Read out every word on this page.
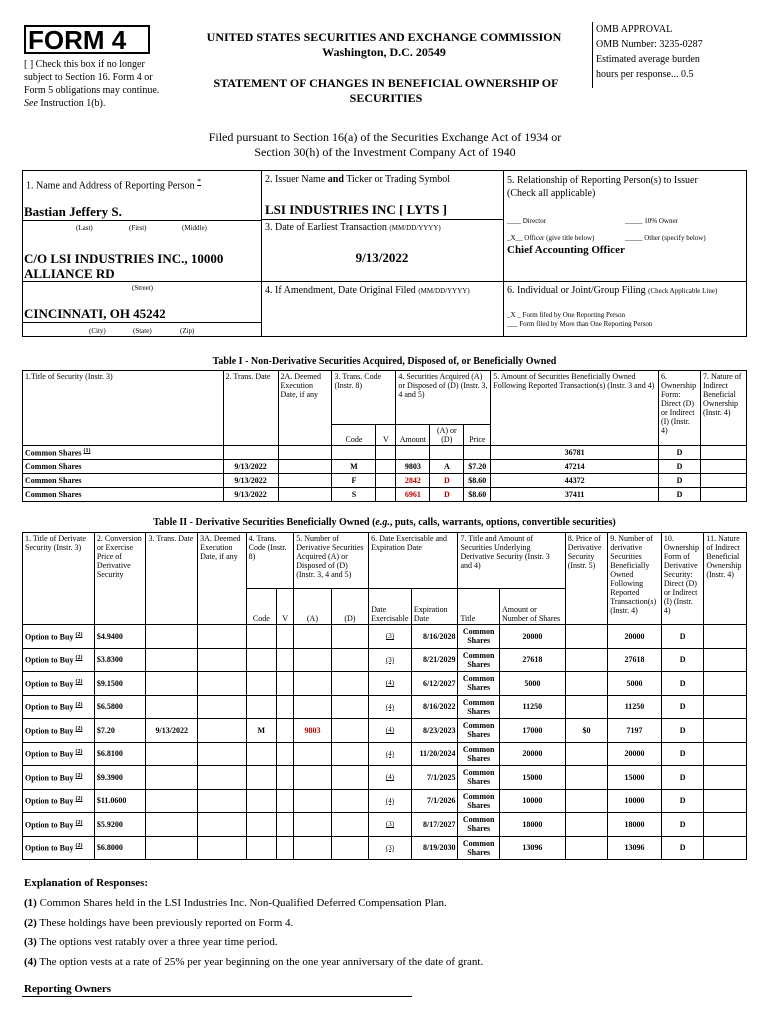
FORM 4
[ ] Check this box if no longer subject to Section 16. Form 4 or Form 5 obligations may continue. See Instruction 1(b).
UNITED STATES SECURITIES AND EXCHANGE COMMISSION
Washington, D.C. 20549
STATEMENT OF CHANGES IN BENEFICIAL OWNERSHIP OF SECURITIES
OMB APPROVAL
OMB Number: 3235-0287
Estimated average burden
hours per response... 0.5
Filed pursuant to Section 16(a) of the Securities Exchange Act of 1934 or
Section 30(h) of the Investment Company Act of 1940
1. Name and Address of Reporting Person *
Bastian Jeffery S.
(Last)	(First)	(Middle)
C/O LSI INDUSTRIES INC., 10000 ALLIANCE RD
(Street)
CINCINNATI, OH 45242
(City)	(State)	(Zip)
2. Issuer Name and Ticker or Trading Symbol
LSI INDUSTRIES INC [ LYTS ]
3. Date of Earliest Transaction (MM/DD/YYYY)
9/13/2022
4. If Amendment, Date Original Filed (MM/DD/YYYY)
5. Relationship of Reporting Person(s) to Issuer
(Check all applicable)
____ Director	_____ 10% Owner
_X__ Officer (give title below)	_____ Other (specify below)
Chief Accounting Officer
6. Individual or Joint/Group Filing (Check Applicable Line)
_X _ Form filed by One Reporting Person
___ Form filed by More than One Reporting Person
Table I - Non-Derivative Securities Acquired, Disposed of, or Beneficially Owned
1.Title of Security (Instr. 3)	2. Trans. Date	2A. Deemed Execution Date, if any	3. Trans. Code (Instr. 8)		4. Securities Acquired (A) or Disposed of (D) (Instr. 3, 4 and 5)			5. Amount of Securities Beneficially Owned Following Reported Transaction(s) (Instr. 3 and 4)	6. Ownership Form: Direct (D) or Indirect (I) (Instr. 4)	7. Nature of Indirect Beneficial Ownership (Instr. 4)
			Code	V	Amount	(A) or (D)	Price			
Common Shares $^{(1)}$								36781	D	
Common Shares	9/13/2022		M		9803	A	$7.20	47214	D	
Common Shares	9/13/2022		F		2842	D	$8.60	44372	D	
Common Shares	9/13/2022		S		6961	D	$8.60	37411	D	
Table II - Derivative Securities Beneficially Owned (e.g., puts, calls, warrants, options, convertible securities)
1. Title of Derivate Security (Instr. 3)	2. Conversion or Exercise Price of Derivative Security	3. Trans. Date	3A. Deemed Execution Date, if any	4. Trans. Code (Instr. 8)		5. Number of Derivative Securities Acquired (A) or Disposed of (D) (Instr. 3, 4 and 5)		6. Date Exercisable and Expiration Date		7. Title and Amount of Securities Underlying Derivative Security (Instr. 3 and 4)		8. Price of Derivative Security (Instr. 5)	9. Number of derivative Securities Beneficially Owned Following Reported Transaction(s) (Instr. 4)	10. Ownership Form of Derivative Security: Direct (D) or Indirect (I) (Instr. 4)	11. Nature of Indirect Beneficial Ownership (Instr. 4)
				Code	V	(A)	(D)	Date Exercisable	Expiration Date	Title	Amount or Number of Shares				
Option to Buy $^{(2)}$	$4.9400							(3)	8/16/2028	Common Shares	20000		20000	D	
Option to Buy $^{(2)}$	$3.8300							(3)	8/21/2029	Common Shares	27618		27618	D	
Option to Buy $^{(2)}$	$9.1500							(4)	6/12/2027	Common Shares	5000		5000	D	
Option to Buy $^{(2)}$	$6.5800							(4)	8/16/2022	Common Shares	11250		11250	D	
Option to Buy $^{(2)}$	$7.20	9/13/2022		M		9803		(4)	8/23/2023	Common Shares	17000	$0	7197	D	
Option to Buy $^{(2)}$	$6.8100							(4)	11/20/2024	Common Shares	20000		20000	D	
Option to Buy $^{(2)}$	$9.3900							(4)	7/1/2025	Common Shares	15000		15000	D	
Option to Buy $^{(2)}$	$11.0600							(4)	7/1/2026	Common Shares	10000		10000	D	
Option to Buy $^{(2)}$	$5.9200							(3)	8/17/2027	Common Shares	18000		18000	D	
Option to Buy $^{(2)}$	$6.8000							(3)	8/19/2030	Common Shares	13096		13096	D	
Explanation of Responses:
(1) Common Shares held in the LSI Industries Inc. Non-Qualified Deferred Compensation Plan.
(2) These holdings have been previously reported on Form 4.
(3) The options vest ratably over a three year time period.
(4) The option vests at a rate of 25% per year beginning on the one year anniversary of the date of grant.
Reporting Owners
